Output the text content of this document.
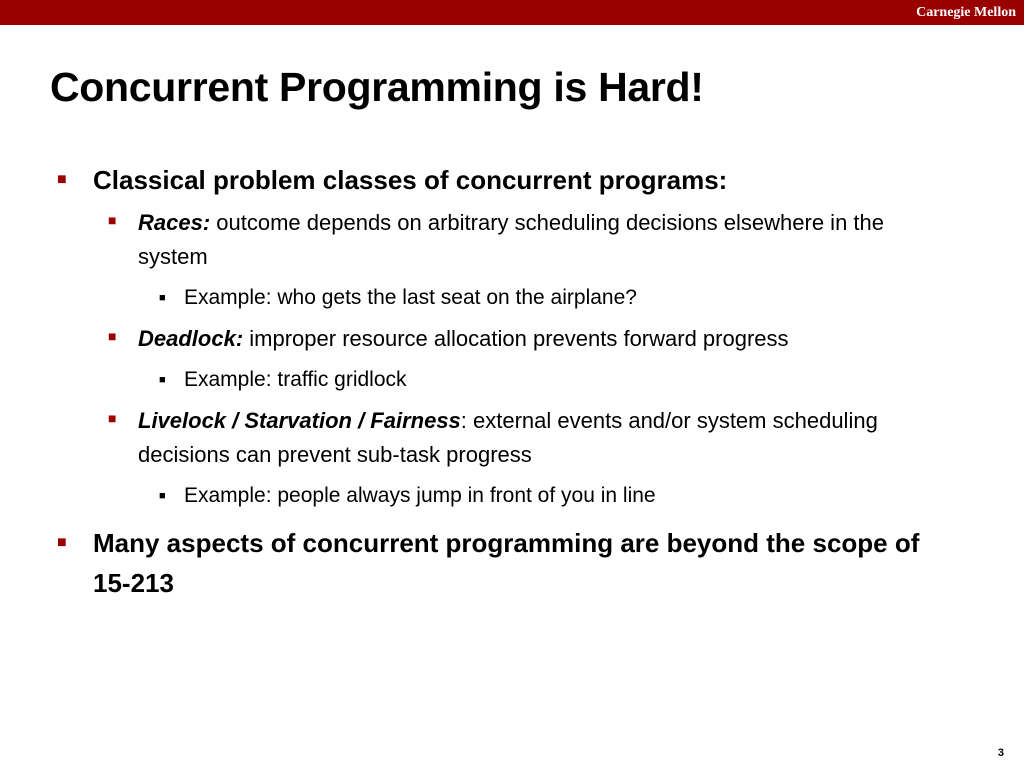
Carnegie Mellon
Concurrent Programming is Hard!
■ Classical problem classes of concurrent programs:
■ Races: outcome depends on arbitrary scheduling decisions elsewhere in the system
■ Example: who gets the last seat on the airplane?
■ Deadlock: improper resource allocation prevents forward progress
■ Example: traffic gridlock
■ Livelock / Starvation / Fairness: external events and/or system scheduling decisions can prevent sub-task progress
■ Example: people always jump in front of you in line
■ Many aspects of concurrent programming are beyond the scope of 15-213
3
